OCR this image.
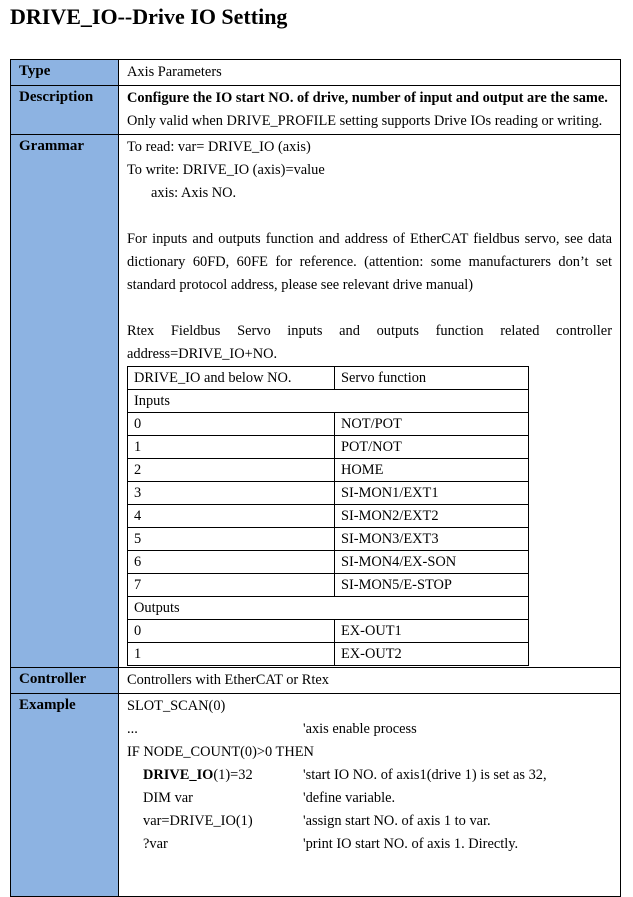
DRIVE_IO--Drive IO Setting
Type	Axis Parameters
Description	Configure the IO start NO. of drive, number of input and output are the same.
Only valid when DRIVE_PROFILE setting supports Drive IOs reading or writing.

Grammar	To read: var= DRIVE_IO (axis)
To write: DRIVE_IO (axis)=value
axis: Axis NO.
For inputs and outputs function and address of EtherCAT fieldbus servo, see data dictionary 60FD, 60FE for reference. (attention: some manufacturers don’t set standard protocol address, please see relevant drive manual)
Rtex Fieldbus Servo inputs and outputs function related controller address=DRIVE_IO+NO.
DRIVE_IO and below NO.	Servo function
Inputs
0	NOT/POT
1	POT/NOT
2	HOME
3	SI-MON1/EXT1
4	SI-MON2/EXT2
5	SI-MON3/EXT3
6	SI-MON4/EX-SON
7	SI-MON5/E-STOP
Outputs
0	EX-OUT1
1	EX-OUT2

Controller	Controllers with EtherCAT or Rtex
Example	SLOT_SCAN(0)
...	'axis enable process
IF NODE_COUNT(0)>0 THEN
DRIVE_IO(1)=32	'start IO NO. of axis1(drive 1) is set as 32,
DIM var	'define variable.
var=DRIVE_IO(1)	'assign start NO. of axis 1 to var.
?var	'print IO start NO. of axis 1. Directly.
